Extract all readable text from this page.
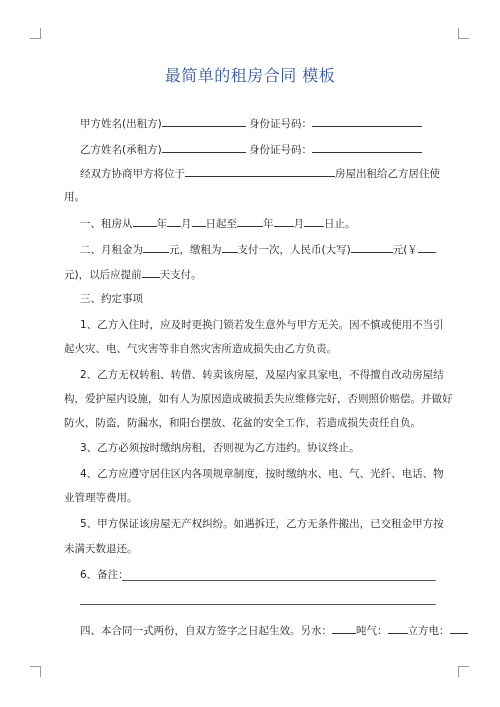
最简单的租房合同 模板
甲方姓名(出租方)	身份证号码：
乙方姓名(承租方)	身份证号码：
经双方协商甲方将位于	房屋出租给乙方居住使
用。
一、租房从 年 月 日起至 年 月 日止。
二、月租金为 元，缴租为 支付一次，人民币(大写)	元(￥
元)，以后应提前 天支付。
三、约定事项
1、乙方入住时，应及时更换门锁若发生意外与甲方无关。因不慎或使用不当引
起火灾、电、气灾害等非自然灾害所造成损失由乙方负责。
2、乙方无权转租、转借、转卖该房屋，及屋内家具家电，不得擅自改动房屋结
构，爱护屋内设施，如有人为原因造成破损丢失应维修完好，否则照价赔偿。并做好
防火，防盗，防漏水，和阳台摆放、花盆的安全工作，若造成损失责任自负。
3、乙方必须按时缴纳房租，否则视为乙方违约。协议终止。
4、乙方应遵守居住区内各项规章制度，按时缴纳水、电、气、光纤、电话、物
业管理等费用。
5、甲方保证该房屋无产权纠纷。如遇拆迁，乙方无条件搬出，已交租金甲方按
未满天数退还。
6、备注：
四、本合同一式两份，自双方签字之日起生效。另水： 吨气： 立方电：
